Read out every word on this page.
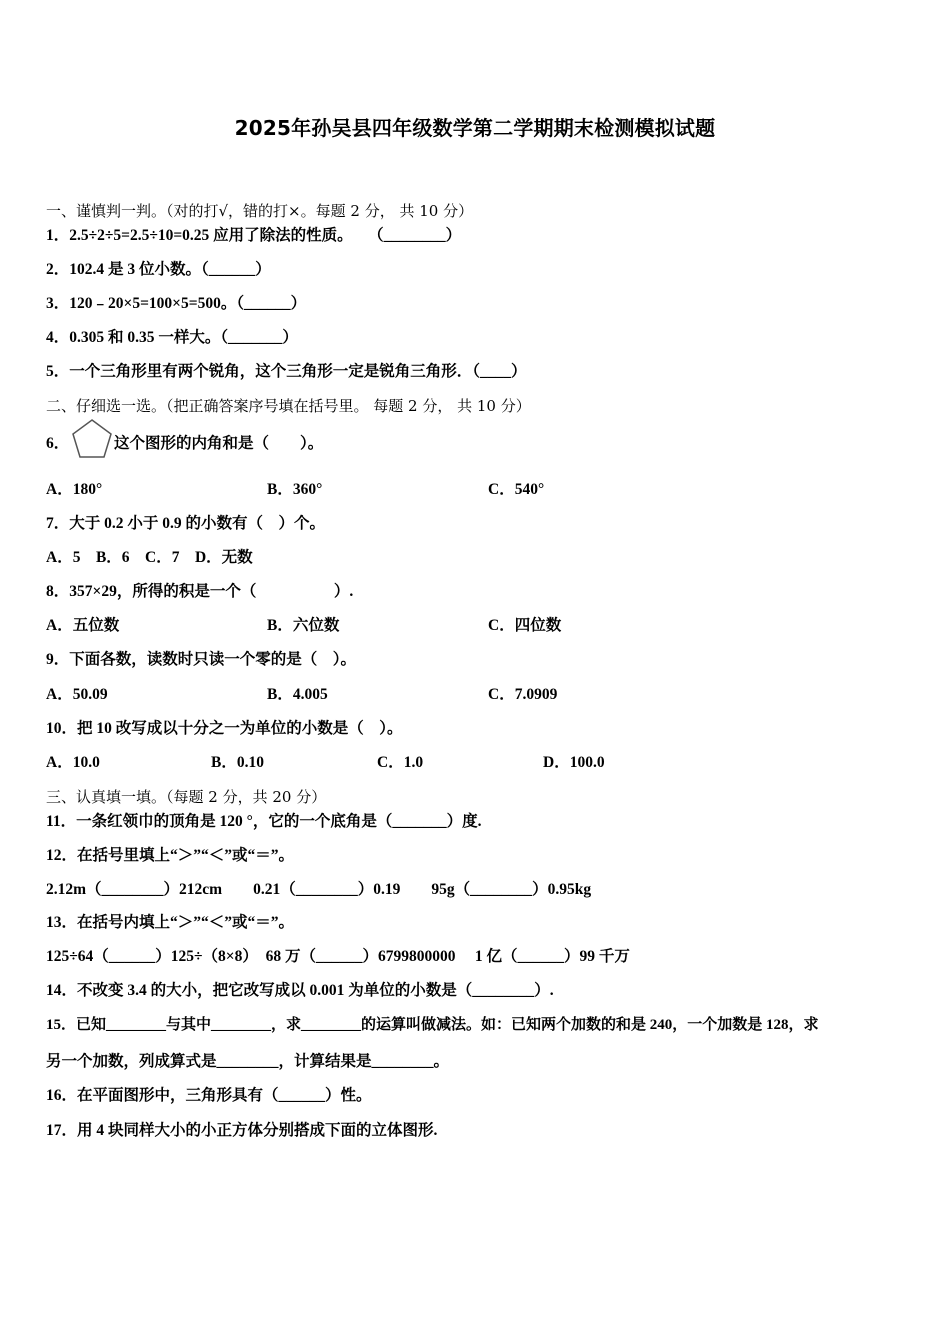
2025年孙吴县四年级数学第二学期期末检测模拟试题
一、谨慎判一判。（对的打√，错的打×。每题 2 分， 共 10 分）
1．2.5÷2÷5=2.5÷10=0.25 应用了除法的性质。　　（________）
2．102.4 是 3 位小数。（______）
3．120﹣20×5=100×5=500。（______）
4．0.305 和 0.35 一样大。（_______）
5．一个三角形里有两个锐角，这个三角形一定是锐角三角形．（____）
二、仔细选一选。（把正确答案序号填在括号里。 每题 2 分， 共 10 分）
6．	这个图形的内角和是（　　）。
A．180°	B．360°	C．540°
7．大于 0.2 小于 0.9 的小数有（　）个。
A．5　B．6　C．7　D．无数
8．357×29，所得的积是一个（　　　　　）.
A．五位数	B．六位数	C．四位数
9．下面各数，读数时只读一个零的是（　）。
A．50.09	B．4.005	C．7.0909
10．把 10 改写成以十分之一为单位的小数是（　）。
A．10.0	B．0.10	C．1.0	D．100.0
三、认真填一填。（每题 2 分，共 20 分）
11．一条红领巾的顶角是 120 °，它的一个底角是（_______）度.
12．在括号里填上“＞”“＜”或“＝”。
2.12m（________）212cm　　0.21（________）0.19　　95g（________）0.95kg
13．在括号内填上“＞”“＜”或“＝”。
125÷64（______）125÷（8×8）　68 万（______）6799800000　 1 亿（______）99 千万
14．不改变 3.4 的大小，把它改写成以 0.001 为单位的小数是（________）.
15．已知________与其中________，求________的运算叫做减法。如：已知两个加数的和是 240，一个加数是 128，求
另一个加数，列成算式是________，计算结果是________。
16．在平面图形中，三角形具有（______）性。
17．用 4 块同样大小的小正方体分别搭成下面的立体图形.
